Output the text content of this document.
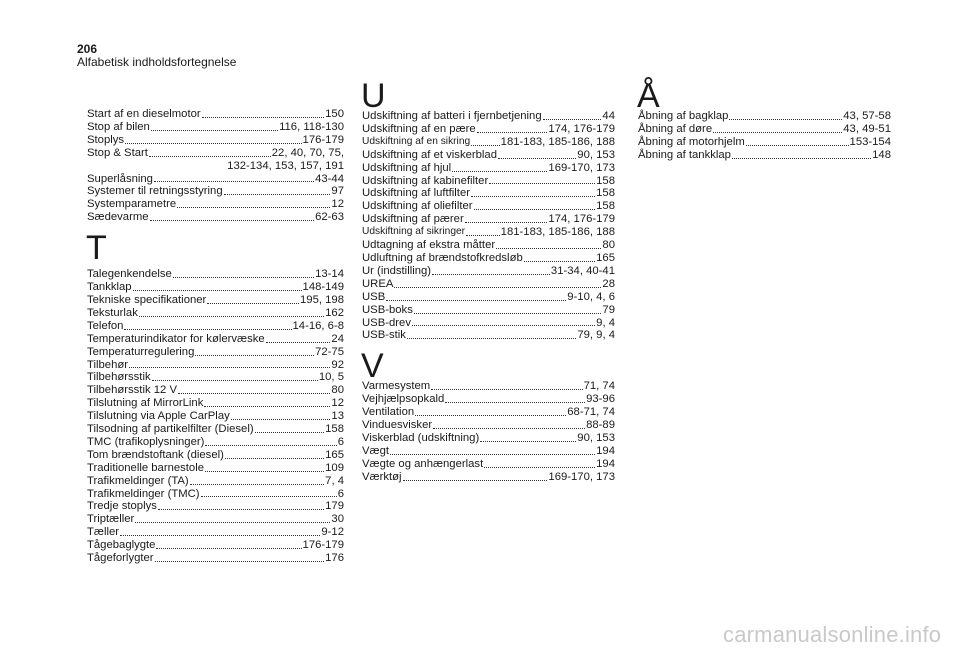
206
Alfabetisk indholdsfortegnelse
Start af en dieselmotor	150
Stop af bilen	116, 118-130
Stoplys	176-179
Stop & Start	22, 40, 70, 75,
132-134, 153, 157, 191
Superlåsning	43-44
Systemer til retningsstyring	97
Systemparametre	12
Sædevarme	62-63
T
Talegenkendelse	13-14
Tankklap	148-149
Tekniske specifikationer	195, 198
Teksturlak	162
Telefon	14-16, 6-8
Temperaturindikator for kølervæske	24
Temperaturregulering	72-75
Tilbehør	92
Tilbehørsstik	10, 5
Tilbehørsstik 12 V	80
Tilslutning af MirrorLink	12
Tilslutning via Apple CarPlay	13
Tilsodning af partikelfilter (Diesel)	158
TMC (trafikoplysninger)	6
Tom brændstoftank (diesel)	165
Traditionelle barnestole	109
Trafikmeldinger (TA)	7, 4
Trafikmeldinger (TMC)	6
Tredje stoplys	179
Triptæller	30
Tæller	9-12
Tågebaglygte	176-179
Tågeforlygter	176
U
Udskiftning af batteri i fjernbetjening	44
Udskiftning af en pære	174, 176-179
Udskiftning af en sikring	181-183, 185-186, 188
Udskiftning af et viskerblad	90, 153
Udskiftning af hjul	169-170, 173
Udskiftning af kabinefilter	158
Udskiftning af luftfilter	158
Udskiftning af oliefilter	158
Udskiftning af pærer	174, 176-179
Udskiftning af sikringer	181-183, 185-186, 188
Udtagning af ekstra måtter	80
Udluftning af brændstofkredsløb	165
Ur (indstilling)	31-34, 40-41
UREA	28
USB	9-10, 4, 6
USB-boks	79
USB-drev	9, 4
USB-stik	79, 9, 4
V
Varmesystem	71, 74
Vejhjælpsopkald	93-96
Ventilation	68-71, 74
Vinduesvisker	88-89
Viskerblad (udskiftning)	90, 153
Vægt	194
Vægte og anhængerlast	194
Værktøj	169-170, 173
Å
Åbning af bagklap	43, 57-58
Åbning af døre	43, 49-51
Åbning af motorhjelm	153-154
Åbning af tankklap	148
carmanualsonline.info
